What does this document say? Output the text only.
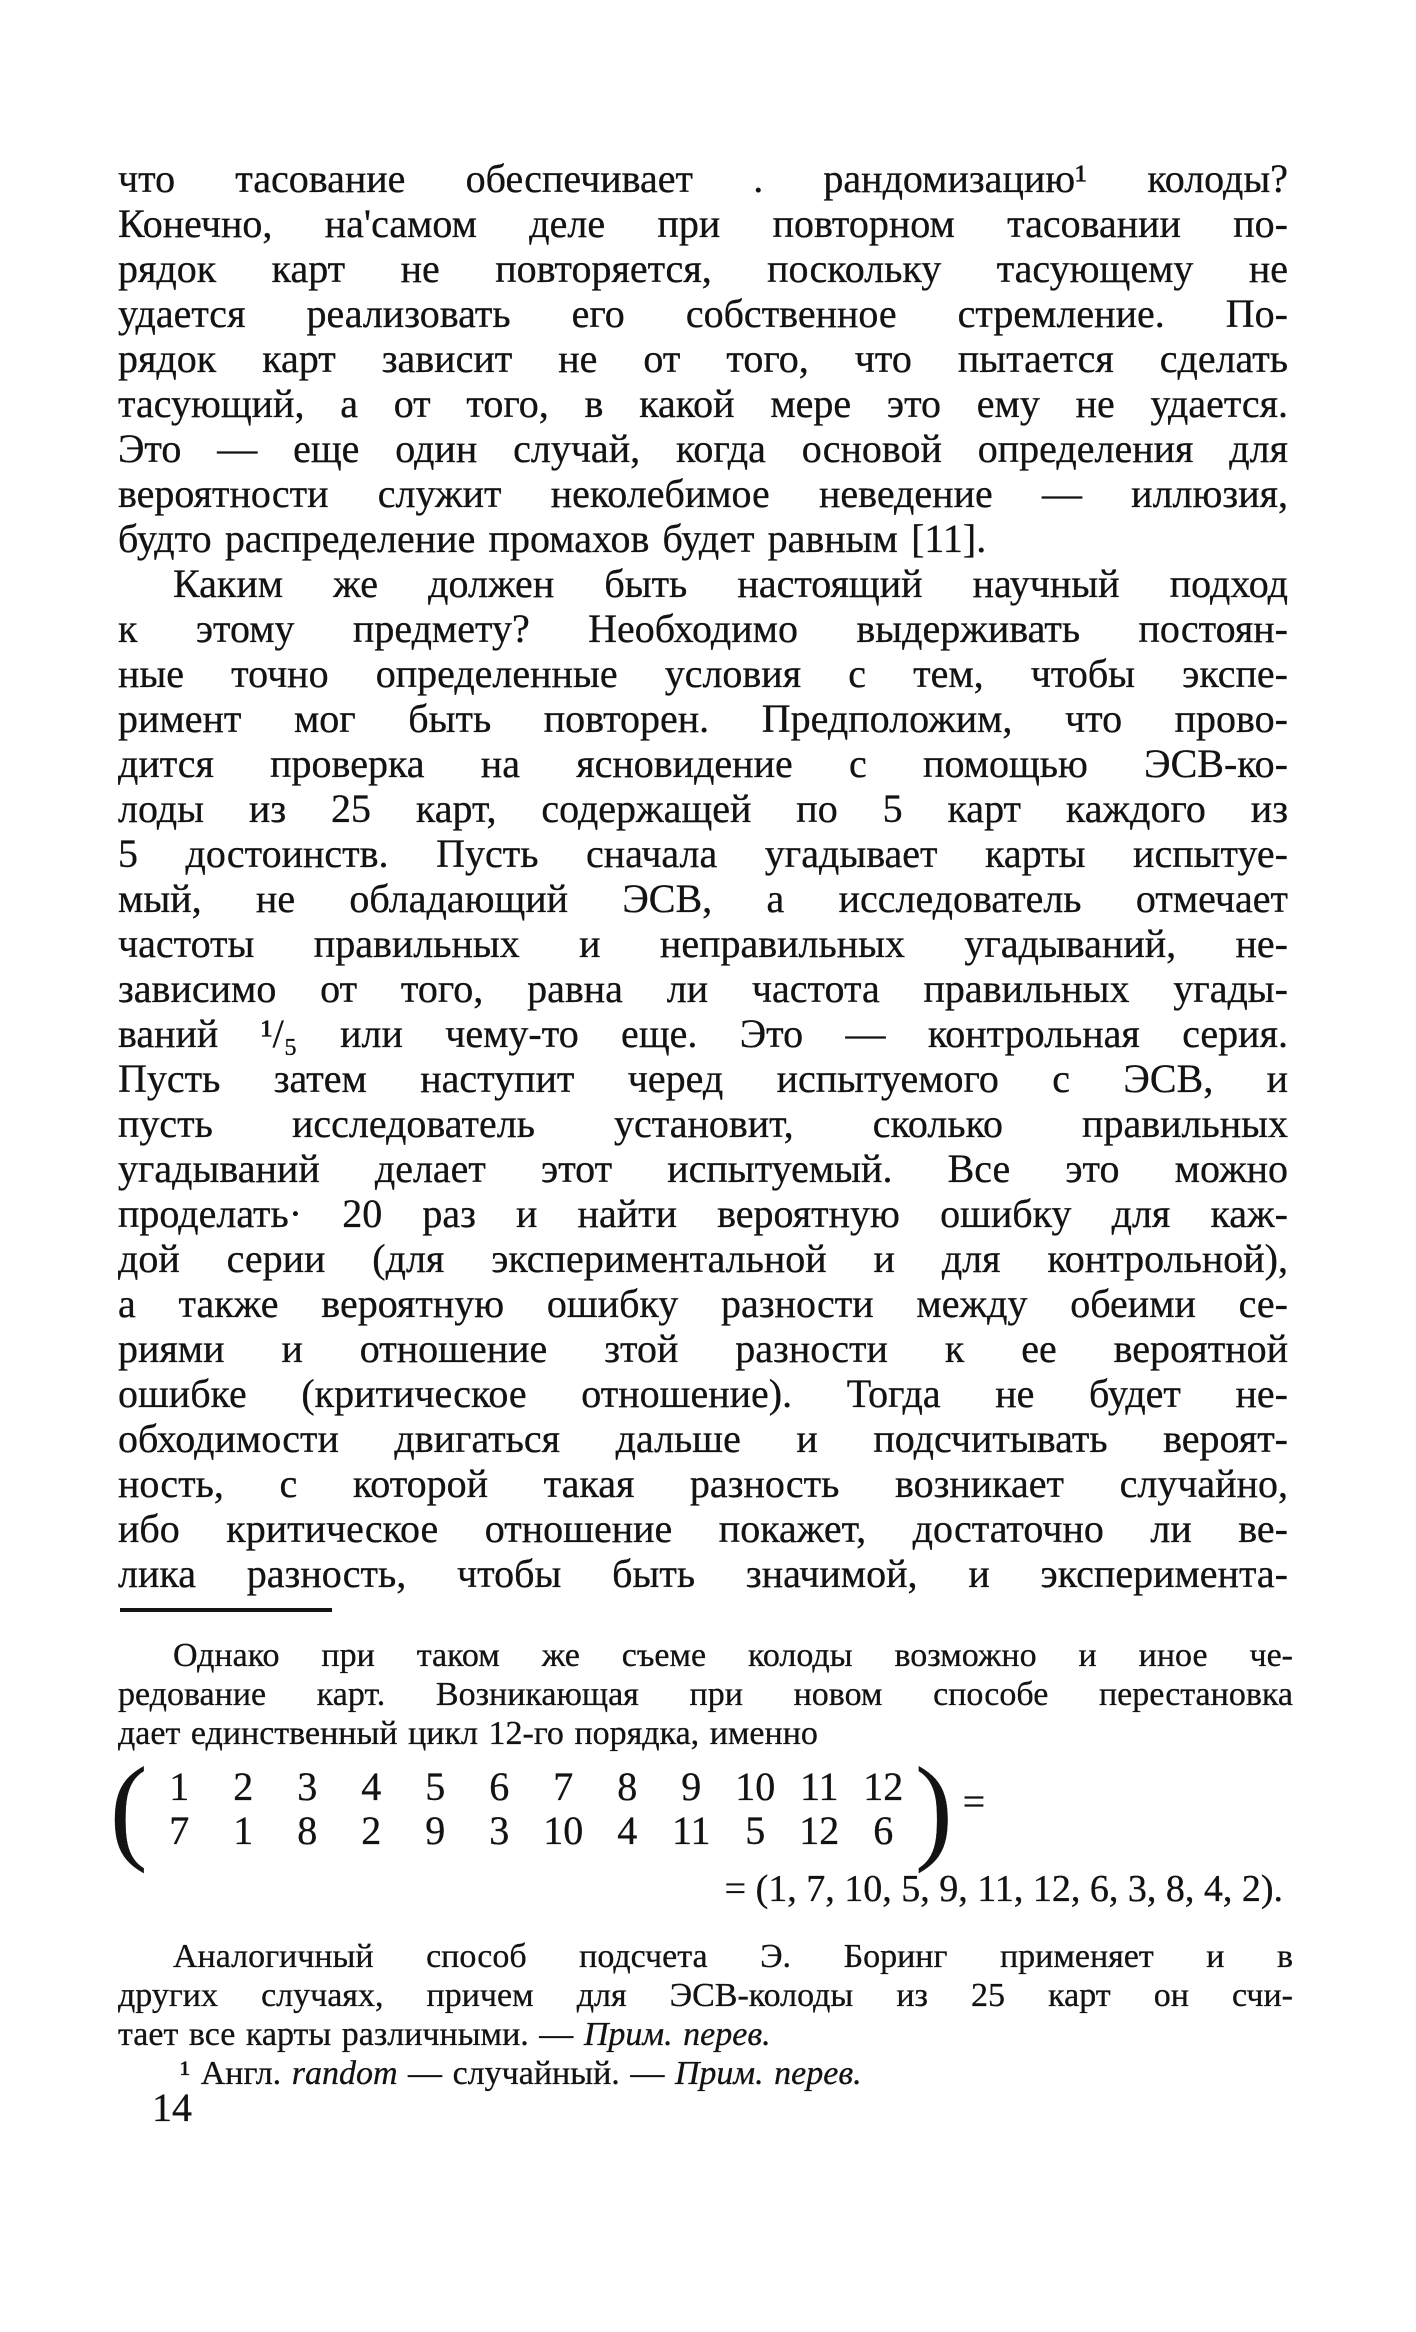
что тасование обеспечивает . рандомизацию¹ колоды?
Конечно, на'самом деле при повторном тасовании по-
рядок карт не повторяется, поскольку тасующему не
удается реализовать его собственное стремление. По-
рядок карт зависит не от того, что пытается сделать
тасующий, а от того, в какой мере это ему не удается.
Это — еще один случай, когда основой определения для
вероятности служит неколебимое неведение — иллюзия,
будто распределение промахов будет равным [11].
Каким же должен быть настоящий научный подход
к этому предмету? Необходимо выдерживать постоян-
ные точно определенные условия с тем, чтобы экспе-
римент мог быть повторен. Предположим, что прово-
дится проверка на ясновидение с помощью ЭСВ-ко-
лоды из 25 карт, содержащей по 5 карт каждого из
5 достоинств. Пусть сначала угадывает карты испытуе-
мый, не обладающий ЭСВ, а исследователь отмечает
частоты правильных и неправильных угадываний, не-
зависимо от того, равна ли частота правильных угады-
ваний ¹/₅ или чему-то еще. Это — контрольная серия.
Пусть затем наступит черед испытуемого с ЭСВ, и
пусть исследователь установит, сколько правильных
угадываний делает этот испытуемый. Все это можно
проделать· 20 раз и найти вероятную ошибку для каж-
дой серии (для экспериментальной и для контрольной),
а также вероятную ошибку разности между обеими се-
риями и отношение зтой разности к ее вероятной
ошибке (критическое отношение). Тогда не будет не-
обходимости двигаться дальше и подсчитывать вероят-
ность, с которой такая разность возникает случайно,
ибо критическое отношение покажет, достаточно ли ве-
лика разность, чтобы быть значимой, и эксперимента-
Однако при таком же съеме колоды возможно и иное че-
редование карт. Возникающая при новом способе перестановка
дает единственный цикл 12-го порядка, именно
( 1	2	3	4	5	6	7	8	9 10 11 12
7	1	8	2	9	3 10 4 11 5 12 6 ) =
= (1, 7, 10, 5, 9, 11, 12, 6, 3, 8, 4, 2).
Аналогичный способ подсчета Э. Боринг применяет и в
других случаях, причем для ЭСВ-колоды из 25 карт он счи-
тает все карты различными. — Прим. перев.
¹ Англ. random — случайный. — Прим. перев.
14
